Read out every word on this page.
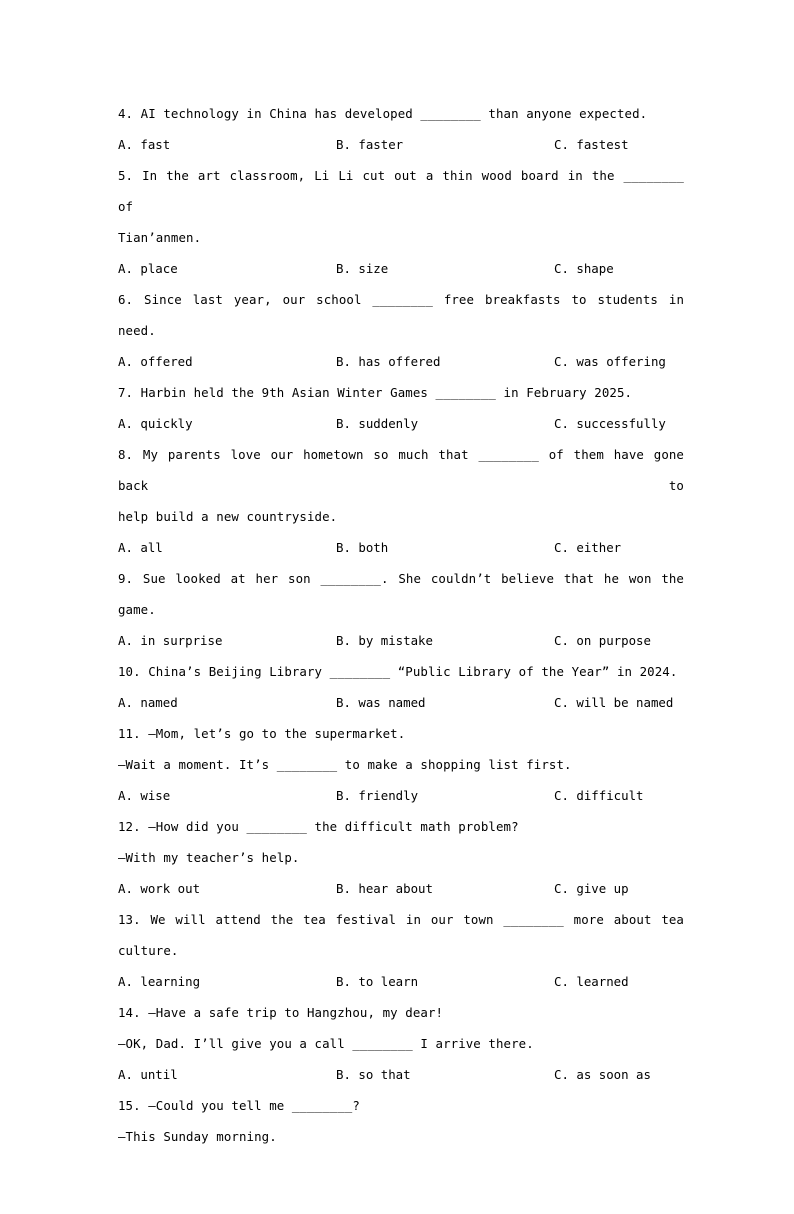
4. AI technology in China has developed ________ than anyone expected.

A. fast

	B. faster

	C. fastest

5. In the art classroom, Li Li cut out a thin wood board in the ________ of
Tian’anmen.

A. place

	B. size

	C. shape

6. Since last year, our school ________ free breakfasts to students in need.

A. offered

	B. has offered

	C. was offering

7. Harbin held the 9th Asian Winter Games ________ in February 2025.

A. quickly

	B. suddenly

	C. successfully

8. My parents love our hometown so much that ________ of them have gone back to
help build a new countryside.

A. all

	B. both

	C. either

9. Sue looked at her son ________. She couldn’t believe that he won the game.

A. in surprise

	B. by mistake

	C. on purpose

10. China’s Beijing Library ________ “Public Library of the Year” in 2024.

A. named

	B. was named

	C. will be named

11. —Mom, let’s go to the supermarket.
—Wait a moment. It’s ________ to make a shopping list first.

A. wise

	B. friendly

	C. difficult

12. —How did you ________ the difficult math problem?
—With my teacher’s help.

A. work out

	B. hear about

	C. give up

13. We will attend the tea festival in our town ________ more about tea
culture.

A. learning

	B. to learn

	C. learned

14. —Have a safe trip to Hangzhou, my dear!
—OK, Dad. I’ll give you a call ________ I arrive there.

A. until

	B. so that

	C. as soon as

15. —Could you tell me ________?
—This Sunday morning.
